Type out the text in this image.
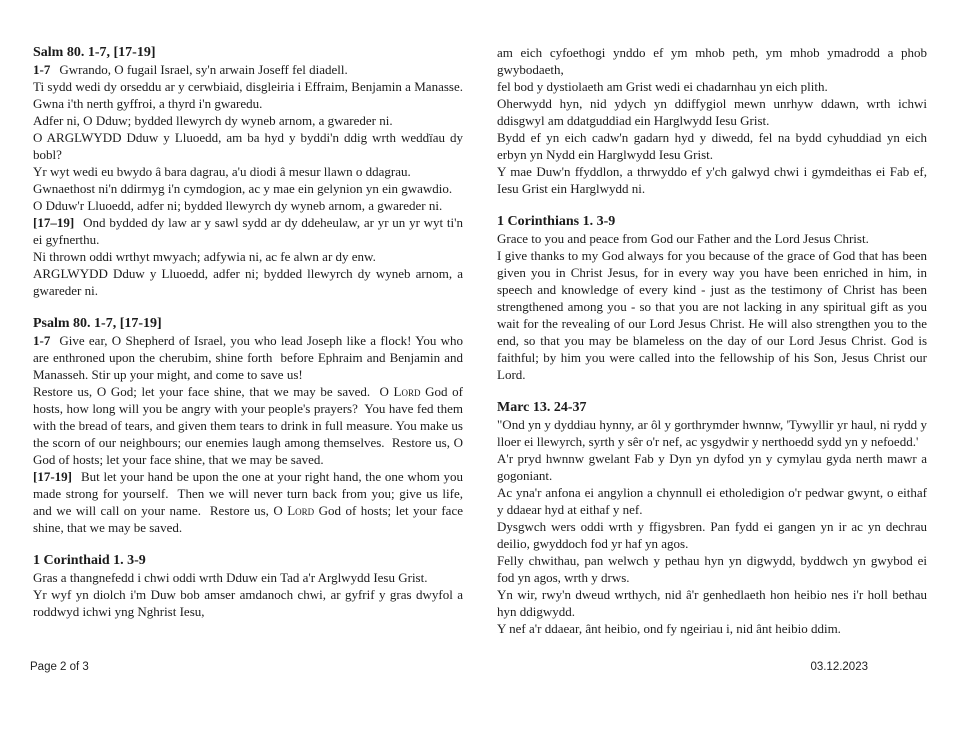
Salm 80. 1-7, [17-19]

1-7 Gwrando, O fugail Israel, sy'n arwain Joseff fel diadell.

Ti sydd wedi dy orseddu ar y cerwbiaid, disgleiria i Effraim, Benjamin a Manasse. Gwna i'th nerth gyffroi, a thyrd i'n gwaredu.

Adfer ni, O Dduw; bydded llewyrch dy wyneb arnom, a gwareder ni.

O ARGLWYDD Dduw y Lluoedd, am ba hyd y byddi'n ddig wrth weddïau dy bobl?

Yr wyt wedi eu bwydo â bara dagrau, a'u diodi â mesur llawn o ddagrau.

Gwnaethost ni'n ddirmyg i'n cymdogion, ac y mae ein gelynion yn ein gwawdio.

O Dduw'r Lluoedd, adfer ni; bydded llewyrch dy wyneb arnom, a gwareder ni.

[17–19] Ond bydded dy law ar y sawl sydd ar dy ddeheulaw, ar yr un yr wyt ti'n ei gyfnerthu.

Ni thrown oddi wrthyt mwyach; adfywia ni, ac fe alwn ar dy enw.

ARGLWYDD Dduw y Lluoedd, adfer ni; bydded llewyrch dy wyneb arnom, a gwareder ni.

Psalm 80. 1-7, [17-19]

1-7 Give ear, O Shepherd of Israel, you who lead Joseph like a flock! You who are enthroned upon the cherubim, shine forth  before Ephraim and Benjamin and Manasseh. Stir up your might, and come to save us!

Restore us, O God; let your face shine, that we may be saved.  O Lord God of hosts, how long will you be angry with your people's prayers?  You have fed them with the bread of tears, and given them tears to drink in full measure. You make us the scorn of our neighbours; our enemies laugh among themselves.  Restore us, O God of hosts; let your face shine, that we may be saved.

[17-19] But let your hand be upon the one at your right hand, the one whom you made strong for yourself.  Then we will never turn back from you; give us life, and we will call on your name.  Restore us, O Lord God of hosts; let your face shine, that we may be saved.

1 Corinthaid 1. 3-9

Gras a thangnefedd i chwi oddi wrth Dduw ein Tad a'r Arglwydd Iesu Grist.

Yr wyf yn diolch i'm Duw bob amser amdanoch chwi, ar gyfrif y gras dwyfol a roddwyd ichwi yng Nghrist Iesu,

am eich cyfoethogi ynddo ef ym mhob peth, ym mhob ymadrodd a phob gwybodaeth,

fel bod y dystiolaeth am Grist wedi ei chadarnhau yn eich plith.

Oherwydd hyn, nid ydych yn ddiffygiol mewn unrhyw ddawn, wrth ichwi ddisgwyl am ddatguddiad ein Harglwydd Iesu Grist.

Bydd ef yn eich cadw'n gadarn hyd y diwedd, fel na bydd cyhuddiad yn eich erbyn yn Nydd ein Harglwydd Iesu Grist.

Y mae Duw'n ffyddlon, a thrwyddo ef y'ch galwyd chwi i gymdeithas ei Fab ef, Iesu Grist ein Harglwydd ni.

1 Corinthians 1. 3-9

Grace to you and peace from God our Father and the Lord Jesus Christ.

I give thanks to my God always for you because of the grace of God that has been given you in Christ Jesus, for in every way you have been enriched in him, in speech and knowledge of every kind - just as the testimony of Christ has been strengthened among you - so that you are not lacking in any spiritual gift as you wait for the revealing of our Lord Jesus Christ. He will also strengthen you to the end, so that you may be blameless on the day of our Lord Jesus Christ. God is faithful; by him you were called into the fellowship of his Son, Jesus Christ our Lord.

Marc 13. 24-37

"Ond yn y dyddiau hynny, ar ôl y gorthrymder hwnnw, 'Tywyllir yr haul, ni rydd y lloer ei llewyrch, syrth y sêr o'r nef, ac ysgydwir y nerthoedd sydd yn y nefoedd.'

A'r pryd hwnnw gwelant Fab y Dyn yn dyfod yn y cymylau gyda nerth mawr a gogoniant.

Ac yna'r anfona ei angylion a chynnull ei etholedigion o'r pedwar gwynt, o eithaf y ddaear hyd at eithaf y nef.

Dysgwch wers oddi wrth y ffigysbren. Pan fydd ei gangen yn ir ac yn dechrau deilio, gwyddoch fod yr haf yn agos.

Felly chwithau, pan welwch y pethau hyn yn digwydd, byddwch yn gwybod ei fod yn agos, wrth y drws.

Yn wir, rwy'n dweud wrthych, nid â'r genhedlaeth hon heibio nes i'r holl bethau hyn ddigwydd.

Y nef a'r ddaear, ânt heibio, ond fy ngeiriau i, nid ânt heibio ddim.

Page 2 of 3	03.12.2023
